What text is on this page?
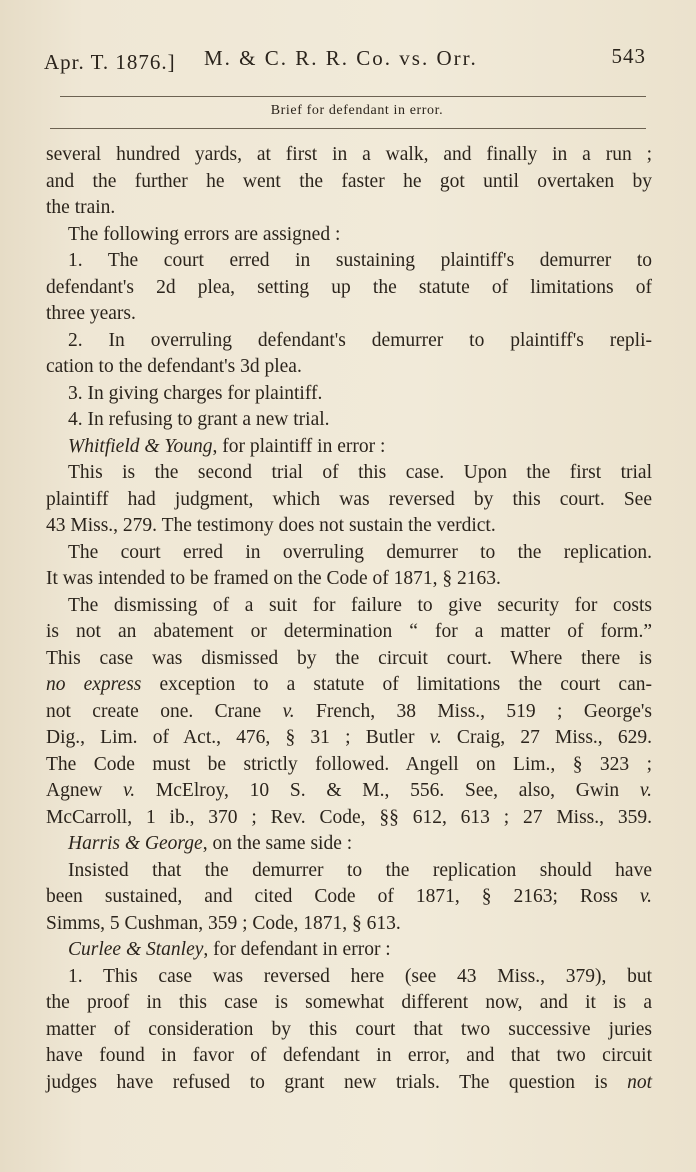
Apr. T. 1876.] M. & C. R. R. Co. vs. Orr.	543
Brief for defendant in error.
several hundred yards, at first in a walk, and finally in a run ;
and the further he went the faster he got until overtaken by
the train.
The following errors are assigned :
1. The court erred in sustaining plaintiff's demurrer to
defendant's 2d plea, setting up the statute of limitations of
three years.
2. In overruling defendant's demurrer to plaintiff's repli-
cation to the defendant's 3d plea.
3. In giving charges for plaintiff.
4. In refusing to grant a new trial.
Whitfield & Young, for plaintiff in error :
This is the second trial of this case. Upon the first trial
plaintiff had judgment, which was reversed by this court. See
43 Miss., 279. The testimony does not sustain the verdict.
The court erred in overruling demurrer to the replication.
It was intended to be framed on the Code of 1871, § 2163.
The dismissing of a suit for failure to give security for costs
is not an abatement or determination “ for a matter of form.”
This case was dismissed by the circuit court. Where there is
no express exception to a statute of limitations the court can-
not create one. Crane v. French, 38 Miss., 519 ; George's
Dig., Lim. of Act., 476, § 31 ; Butler v. Craig, 27 Miss., 629.
The Code must be strictly followed. Angell on Lim., § 323 ;
Agnew v. McElroy, 10 S. & M., 556. See, also, Gwin v.
McCarroll, 1 ib., 370 ; Rev. Code, §§ 612, 613 ; 27 Miss., 359.
Harris & George, on the same side :
Insisted that the demurrer to the replication should have
been sustained, and cited Code of 1871, § 2163; Ross v.
Simms, 5 Cushman, 359 ; Code, 1871, § 613.
Curlee & Stanley, for defendant in error :
1. This case was reversed here (see 43 Miss., 379), but
the proof in this case is somewhat different now, and it is a
matter of consideration by this court that two successive juries
have found in favor of defendant in error, and that two circuit
judges have refused to grant new trials. The question is not
